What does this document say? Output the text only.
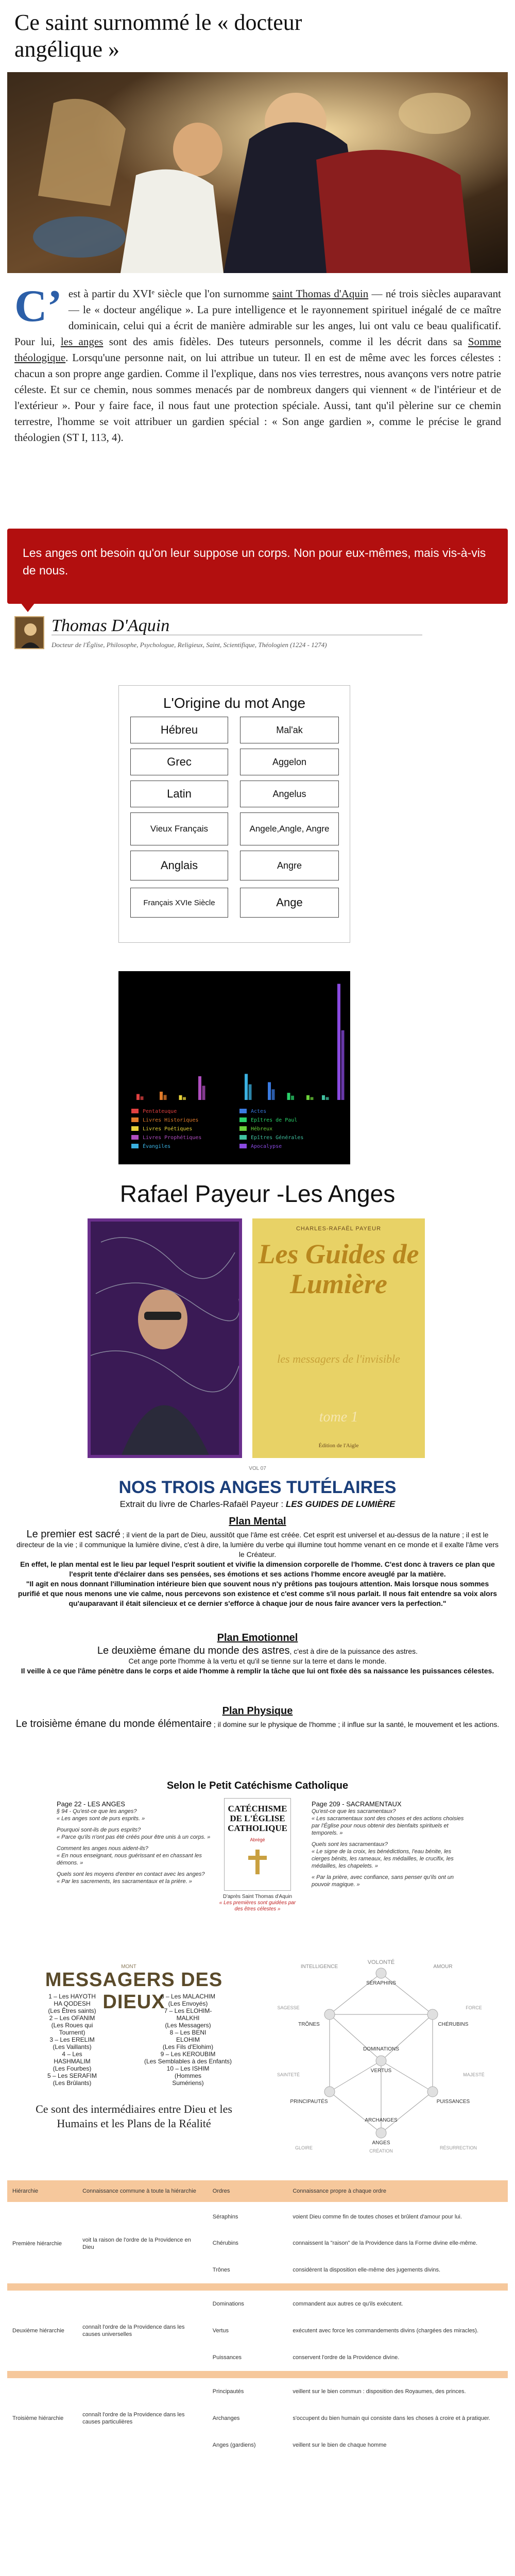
Ce saint surnommé le « docteur angélique »
C’ est à partir du XVIᵉ siècle que l'on surnomme saint Thomas d'Aquin — né trois siècles auparavant — le « docteur angélique ». La pure intelligence et le rayonnement spirituel inégalé de ce maître dominicain, celui qui a écrit de manière admirable sur les anges, lui ont valu ce beau qualificatif. Pour lui, les anges sont des amis fidèles. Des tuteurs personnels, comme il les décrit dans sa Somme théologique. Lorsqu'une personne nait, on lui attribue un tuteur. Il en est de même avec les forces célestes : chacun a son propre ange gardien. Comme il l'explique, dans nos vies terrestres, nous avançons vers notre patrie céleste. Et sur ce chemin, nous sommes menacés par de nombreux dangers qui viennent « de l'intérieur et de l'extérieur ». Pour y faire face, il nous faut une protection spéciale. Aussi, tant qu'il pèlerine sur ce chemin terrestre, l'homme se voit attribuer un gardien spécial : « Son ange gardien », comme le précise le grand théologien (ST I, 113, 4).
Les anges ont besoin qu'on leur suppose un corps. Non pour eux-mêmes, mais vis-à-vis de nous.
Thomas D'Aquin
Docteur de l'Église, Philosophe, Psychologue, Religieux, Saint, Scientifique, Théologien (1224 - 1274)
L'Origine du mot Ange
Hébreu	Mal'ak
Grec	Aggelon
Latin	Angelus
Vieux Français	Angele,Angle, Angre
Anglais	Angre
Français XVIe Siècle	Ange
Pentateuque
Livres Historiques
Livres Poétiques
Livres Prophétiques
Évangiles
Actes
Epîtres de Paul
Hébreux
Epîtres Générales
Apocalypse
Rafael Payeur -Les Anges
CHARLES-RAFAËL PAYEUR
Les Guides de Lumière
les messagers de l'invisible
tome 1
Édition de l'Aigle
VOL 07
NOS TROIS ANGES TUTÉLAIRES
Extrait du livre de Charles-Rafaël Payeur : LES GUIDES DE LUMIÈRE
Plan Mental
Le premier est sacré ; il vient de la part de Dieu, aussitôt que l'âme est créée. Cet esprit est universel et au-dessus de la nature ; il est le directeur de la vie ; il communique la lumière divine, c'est à dire, la lumière du verbe qui illumine tout homme venant en ce monde et il exalte l'âme vers le Créateur.
En effet, le plan mental est le lieu par lequel l'esprit soutient et vivifie la dimension corporelle de l'homme. C'est donc à travers ce plan que l'esprit tente d'éclairer dans ses pensées, ses émotions et ses actions l'homme encore aveuglé par la matière.
"Il agit en nous donnant l'illumination intérieure bien que souvent nous n'y prêtions pas toujours attention. Mais lorsque nous sommes purifié et que nous menons une vie calme, nous percevons son existence et c'est comme s'il nous parlait. Il nous fait entendre sa voix alors qu'auparavant il était silencieux et ce dernier s'efforce à chaque jour de nous faire avancer vers la perfection."
Plan Emotionnel
Le deuxième émane du monde des astres, c'est à dire de la puissance des astres.
Cet ange porte l'homme à la vertu et qu'il se tienne sur la terre et dans le monde.
Il veille à ce que l'âme pénètre dans le corps et aide l'homme à remplir la tâche que lui ont fixée dès sa naissance les puissances célestes.
Plan Physique
Le troisième émane du monde élémentaire ; il domine sur le physique de l'homme ; il influe sur la santé, le mouvement et les actions.
Selon le Petit Catéchisme Catholique
Page 22 - LES ANGES
§ 94 - Qu'est-ce que les anges?
« Les anges sont de purs esprits. »
Pourquoi sont-ils de purs esprits?
« Parce qu'ils n'ont pas été créés pour être unis à un corps. »
Comment les anges nous aident-ils?
« En nous enseignant, nous guérissant et en chassant les démons. »
Quels sont les moyens d'entrer en contact avec les anges?
« Par les sacrements, les sacramentaux et la prière. »
CATÉCHISME DE L'ÉGLISE CATHOLIQUE
Abrégé
D'après Saint Thomas d'Aquin
« Les premières sont guidées par des êtres célestes »
Page 209 - SACRAMENTAUX
Qu'est-ce que les sacramentaux?
« Les sacramentaux sont des choses et des actions choisies par l'Église pour nous obtenir des bienfaits spirituels et temporels. »
Quels sont les sacramentaux?
« Le signe de la croix, les bénédictions, l'eau bénite, les cierges bénits, les rameaux, les médailles, le crucifix, les médailles, les chapelets. »
« Par la prière, avec confiance, sans penser qu'ils ont un pouvoir magique. »
MONT
MESSAGERS DES DIEUX
1 – Les HAYOTH
HA QODESH
(Les Êtres saints)
2 – Les OFANIM
(Les Roues qui
Tournent)
3 – Les ERELIM
(Les Vaillants)
4 – Les
HASHMALIM
(Les Fourbes)
5 – Les SERAFIM
(Les Brûlants)
6 – Les MALACHIM
(Les Envoyés)
7 – Les ELOHIM-
MALKHI
(Les Messagers)
8 – Les BENI
ELOHIM
(Les Fils d'Elohim)
9 – Les KEROUBIM
(Les Semblables à des Enfants)
10 – Les ISHIM
(Hommes
Sumériens)
Ce sont des intermédiaires entre Dieu et les Humains et les Plans de la Réalité
VOLONTÉ
INTELLIGENCE	AMOUR
SÉRAPHINS
TRÔNES	CHÉRUBINS
SAGESSE	FORCE
DOMINATIONS
VERTUS
SAINTETÉ	MAJESTÉ
PRINCIPAUTÉS	PUISSANCES
ARCHANGES
ANGES
GLOIRE
CRÉATION
RÉSURRECTION
Hiérarchie	Connaissance commune à toute la hiérarchie	Ordres	Connaissance propre à chaque ordre
Première hiérarchie	voit la raison de l'ordre de la Providence en Dieu	Séraphins	voient Dieu comme fin de toutes choses et brûlent d'amour pour lui.
		Chérubins	connaissent la "raison" de la Providence dans la Forme divine elle-même.
		Trônes	considèrent la disposition elle-même des jugements divins.

Deuxième hiérarchie	connaît l'ordre de la Providence dans les causes universelles	Dominations	commandent aux autres ce qu'ils exécutent.
		Vertus	exécutent avec force les commandements divins (chargées des miracles).
		Puissances	conservent l'ordre de la Providence divine.

Troisième hiérarchie	connaît l'ordre de la Providence dans les causes particulières	Principautés	veillent sur le bien commun : disposition des Royaumes, des princes.
		Archanges	s'occupent du bien humain qui consiste dans les choses à croire et à pratiquer.
		Anges (gardiens)	veillent sur le bien de chaque homme
